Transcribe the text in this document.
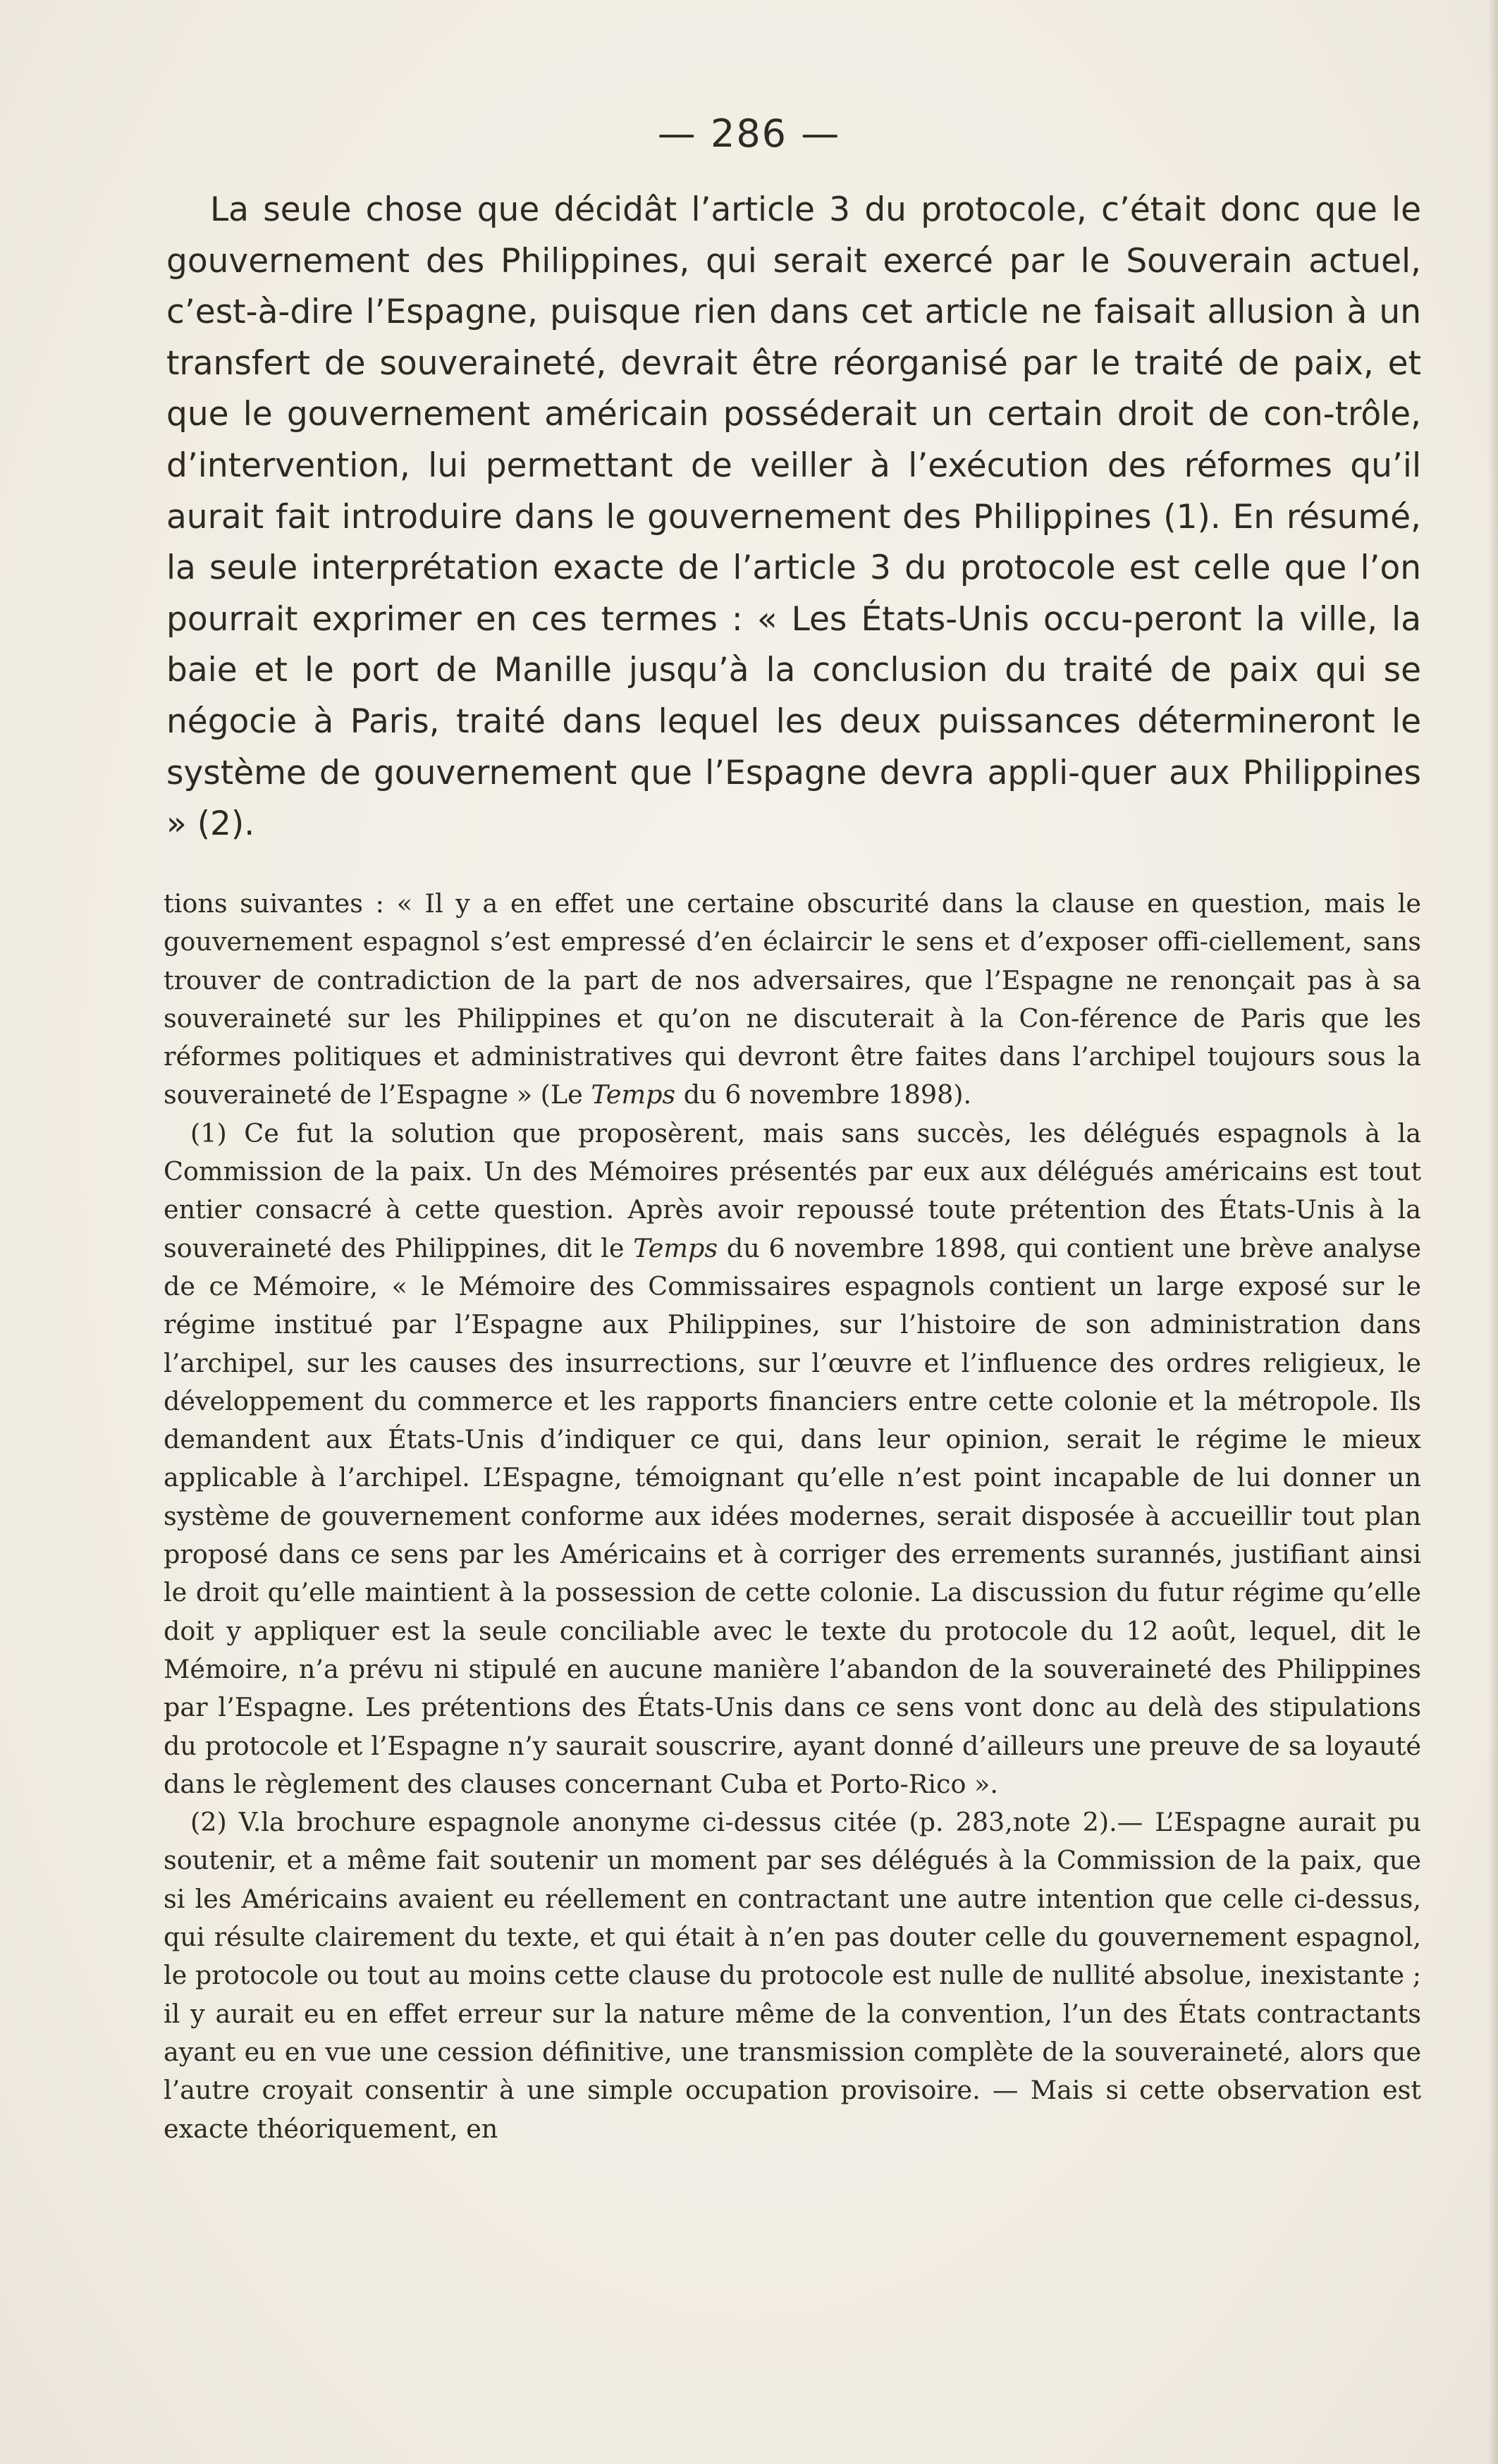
— 286 —

La seule chose que décidât l’article 3 du protocole, c’était donc que le gouvernement des Philippines, qui serait exercé par le Souverain actuel, c’est-à-dire l’Espagne, puisque rien dans cet article ne faisait allusion à un transfert de souveraineté, devrait être réorganisé par le traité de paix, et que le gouvernement américain posséderait un certain droit de con-trôle, d’intervention, lui permettant de veiller à l’exécution des réformes qu’il aurait fait introduire dans le gouvernement des Philippines (1). En résumé, la seule interprétation exacte de l’article 3 du protocole est celle que l’on pourrait exprimer en ces termes : « Les États-Unis occu-peront la ville, la baie et le port de Manille jusqu’à la conclusion du traité de paix qui se négocie à Paris, traité dans lequel les deux puissances détermineront le système de gouvernement que l’Espagne devra appli-quer aux Philippines » (2).

tions suivantes : « Il y a en effet une certaine obscurité dans la clause en question, mais le gouvernement espagnol s’est empressé d’en éclaircir le sens et d’exposer offi-ciellement, sans trouver de contradiction de la part de nos adversaires, que l’Espagne ne renonçait pas à sa souveraineté sur les Philippines et qu’on ne discuterait à la Con-férence de Paris que les réformes politiques et administratives qui devront être faites dans l’archipel toujours sous la souveraineté de l’Espagne » (Le Temps du 6 novembre 1898).

(1) Ce fut la solution que proposèrent, mais sans succès, les délégués espagnols à la Commission de la paix. Un des Mémoires présentés par eux aux délégués américains est tout entier consacré à cette question. Après avoir repoussé toute prétention des États-Unis à la souveraineté des Philippines, dit le Temps du 6 novembre 1898, qui contient une brève analyse de ce Mémoire, « le Mémoire des Commissaires espagnols contient un large exposé sur le régime institué par l’Espagne aux Philippines, sur l’histoire de son administration dans l’archipel, sur les causes des insurrections, sur l’œuvre et l’influence des ordres religieux, le développement du commerce et les rapports financiers entre cette colonie et la métropole. Ils demandent aux États-Unis d’indiquer ce qui, dans leur opinion, serait le régime le mieux applicable à l’archipel. L’Espagne, témoignant qu’elle n’est point incapable de lui donner un système de gouvernement conforme aux idées modernes, serait disposée à accueillir tout plan proposé dans ce sens par les Américains et à corriger des errements surannés, justifiant ainsi le droit qu’elle maintient à la possession de cette colonie. La discussion du futur régime qu’elle doit y appliquer est la seule conciliable avec le texte du protocole du 12 août, lequel, dit le Mémoire, n’a prévu ni stipulé en aucune manière l’abandon de la souveraineté des Philippines par l’Espagne. Les prétentions des États-Unis dans ce sens vont donc au delà des stipulations du protocole et l’Espagne n’y saurait souscrire, ayant donné d’ailleurs une preuve de sa loyauté dans le règlement des clauses concernant Cuba et Porto-Rico ».

(2) V.la brochure espagnole anonyme ci-dessus citée (p. 283,note 2).— L’Espagne aurait pu soutenir, et a même fait soutenir un moment par ses délégués à la Commission de la paix, que si les Américains avaient eu réellement en contractant une autre intention que celle ci-dessus, qui résulte clairement du texte, et qui était à n’en pas douter celle du gouvernement espagnol, le protocole ou tout au moins cette clause du protocole est nulle de nullité absolue, inexistante ; il y aurait eu en effet erreur sur la nature même de la convention, l’un des États contractants ayant eu en vue une cession définitive, une transmission complète de la souveraineté, alors que l’autre croyait consentir à une simple occupation provisoire. — Mais si cette observation est exacte théoriquement, en
